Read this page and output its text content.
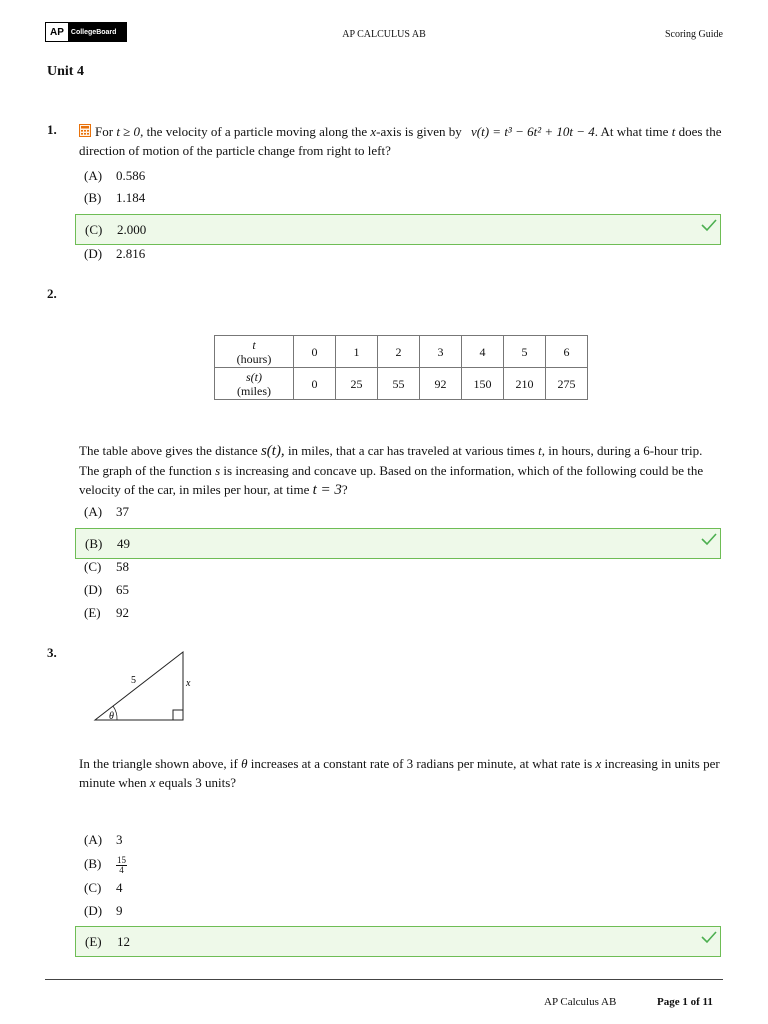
AP	CollegeBoard	AP CALCULUS AB	Scoring Guide
Unit 4
1.	For t ≥ 0, the velocity of a particle moving along the x-axis is given by v(t) = t³ − 6t² + 10t − 4. At what time t does the direction of motion of the particle change from right to left?
(A) 0.586
(B) 1.184
(C) 2.000
(D) 2.816
2.
t
(hours)	0	1	2	3	4	5	6
s(t)
(miles)	0	25	55	92	150	210	275
The table above gives the distance s(t), in miles, that a car has traveled at various times t, in hours, during a 6-hour trip. The graph of the function s is increasing and concave up. Based on the information, which of the following could be the velocity of the car, in miles per hour, at time t = 3?
(A) 37
(B) 49
(C) 58
(D) 65
(E) 92
3.
5	x
θ
In the triangle shown above, if θ increases at a constant rate of 3 radians per minute, at what rate is x increasing in units per minute when x equals 3 units?
(A) 3
$(B) \frac{15}{4}$
(C) 4
(D) 9
(E) 12
AP Calculus AB	Page 1 of 11
